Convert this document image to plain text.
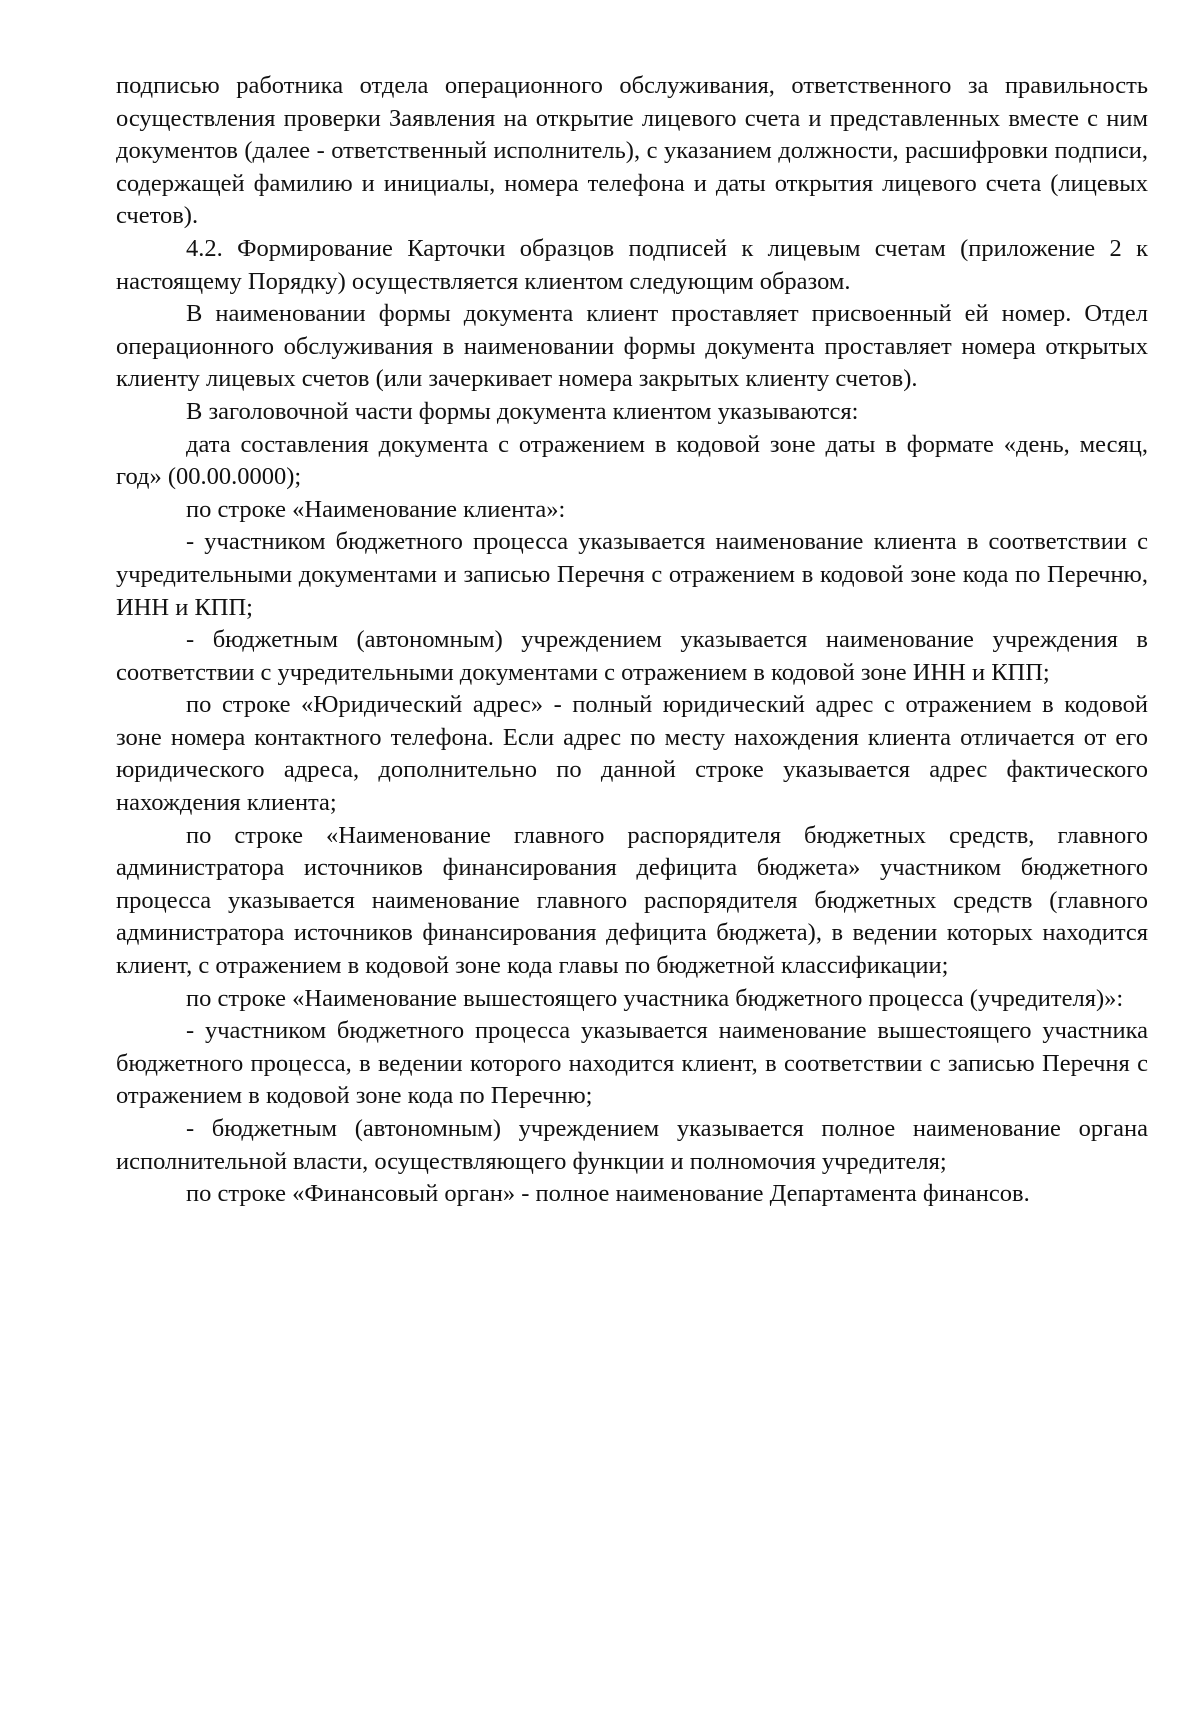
подписью работника отдела операционного обслуживания, ответственного за правильность осуществления проверки Заявления на открытие лицевого счета и представленных вместе с ним документов (далее - ответственный исполнитель), с указанием должности, расшифровки подписи, содержащей фамилию и инициалы, номера телефона и даты открытия лицевого счета (лицевых счетов).

4.2. Формирование Карточки образцов подписей к лицевым счетам (приложение 2 к настоящему Порядку) осуществляется клиентом следующим образом.

В наименовании формы документа клиент проставляет присвоенный ей номер. Отдел операционного обслуживания в наименовании формы документа проставляет номера открытых клиенту лицевых счетов (или зачеркивает номера закрытых клиенту счетов).

В заголовочной части формы документа клиентом указываются:

дата составления документа с отражением в кодовой зоне даты в формате «день, месяц, год» (00.00.0000);

по строке «Наименование клиента»:

- участником бюджетного процесса указывается наименование клиента в соответствии с учредительными документами и записью Перечня с отражением в кодовой зоне кода по Перечню, ИНН и КПП;

- бюджетным (автономным) учреждением указывается наименование учреждения в соответствии с учредительными документами с отражением в кодовой зоне ИНН и КПП;

по строке «Юридический адрес» - полный юридический адрес с отражением в кодовой зоне номера контактного телефона. Если адрес по месту нахождения клиента отличается от его юридического адреса, дополнительно по данной строке указывается адрес фактического нахождения клиента;

по строке «Наименование главного распорядителя бюджетных средств, главного администратора источников финансирования дефицита бюджета» участником бюджетного процесса указывается наименование главного распорядителя бюджетных средств (главного администратора источников финансирования дефицита бюджета), в ведении которых находится клиент, с отражением в кодовой зоне кода главы по бюджетной классификации;

по строке «Наименование вышестоящего участника бюджетного процесса (учредителя)»:

- участником бюджетного процесса указывается наименование вышестоящего участника бюджетного процесса, в ведении которого находится клиент, в соответствии с записью Перечня с отражением в кодовой зоне кода по Перечню;

- бюджетным (автономным) учреждением указывается полное наименование органа исполнительной власти, осуществляющего функции и полномочия учредителя;

по строке «Финансовый орган» - полное наименование Департамента финансов.
